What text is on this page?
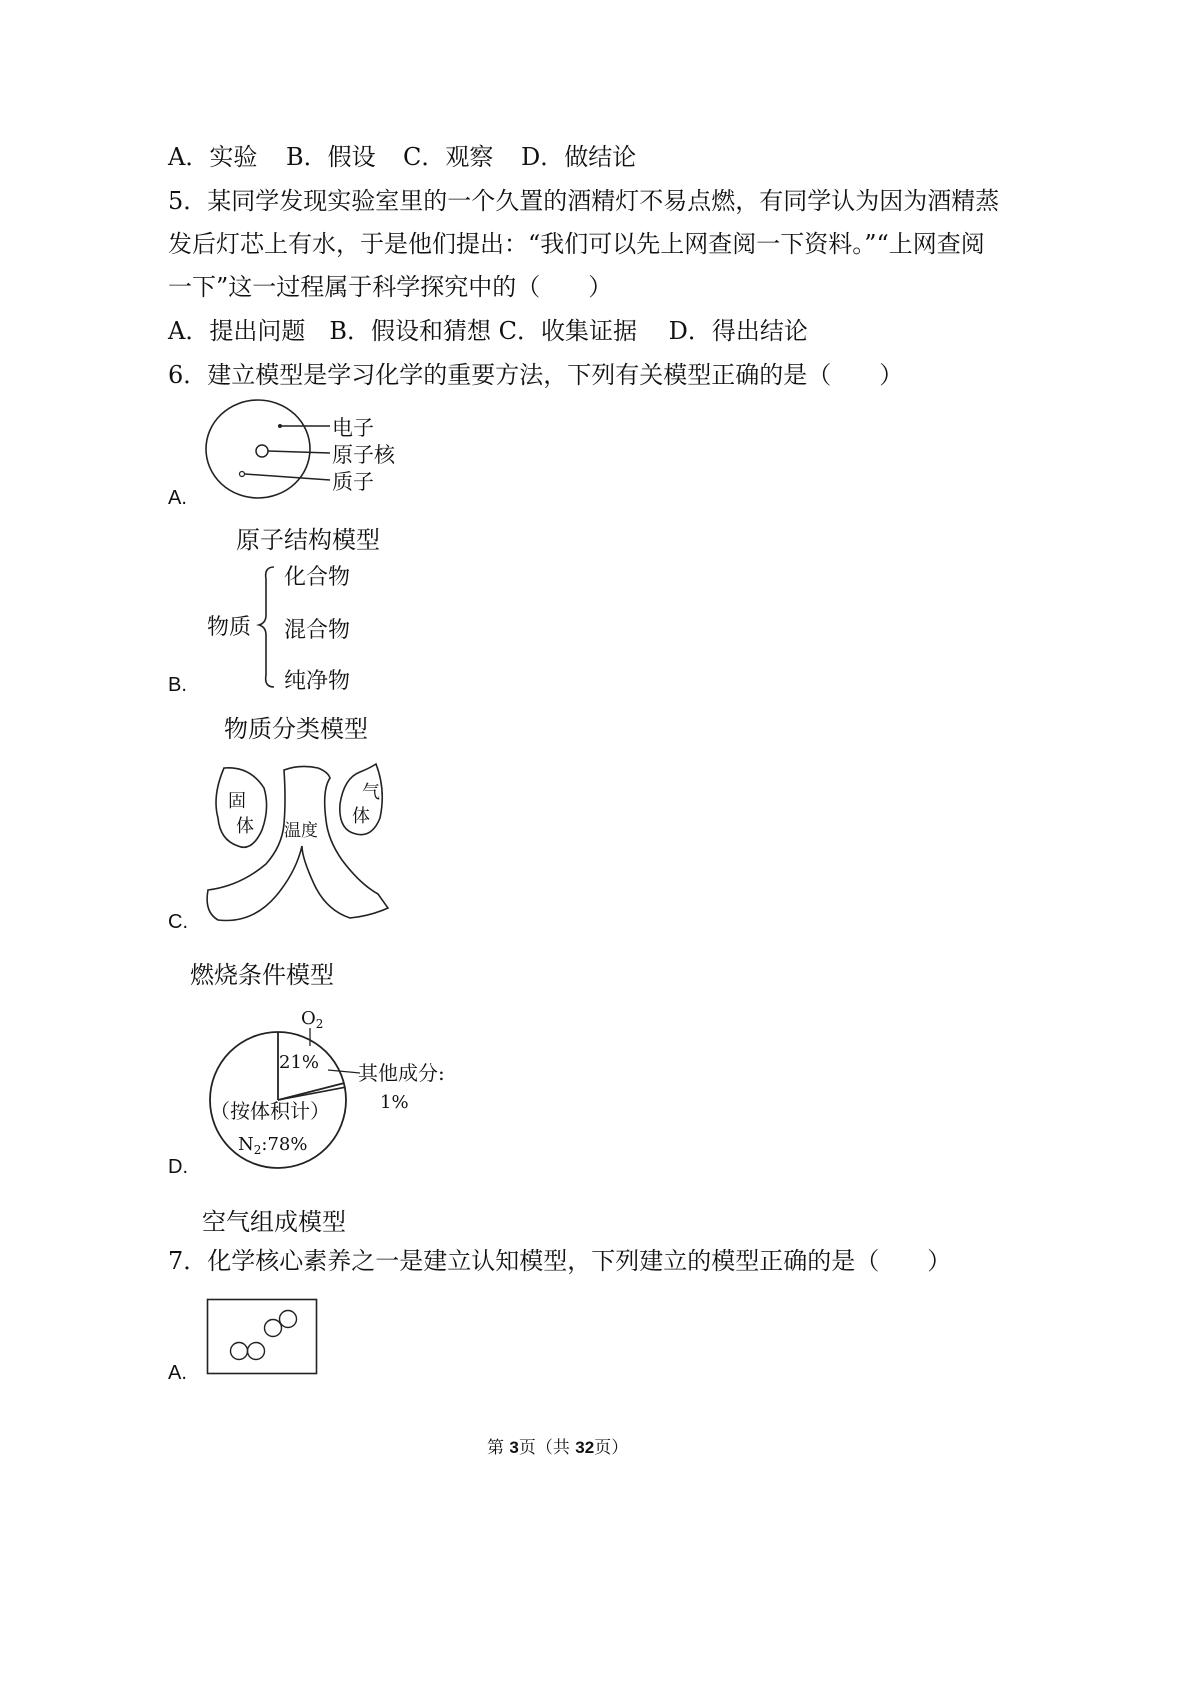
A．实验 B．假设 C．观察 D．做结论
5．某同学发现实验室里的一个久置的酒精灯不易点燃，有同学认为因为酒精蒸
发后灯芯上有水，于是他们提出：“我们可以先上网查阅一下资料。”“上网查阅
一下”这一过程属于科学探究中的（　　）
A．提出问题　B．假设和猜想 C．收集证据　 D．得出结论
6．建立模型是学习化学的重要方法，下列有关模型正确的是（　　）
电子
原子核
质子
A.
原子结构模型
物质
化合物
混合物
纯净物
B.
物质分类模型
固
体
气
体
温度
C.
燃烧条件模型
$O_2$
21% 其他成分:
1%
（按体积计）
$N_2:78\%$
D.
空气组成模型
7．化学核心素养之一是建立认知模型，下列建立的模型正确的是（　　）
A.
第 3页（共 32页）
